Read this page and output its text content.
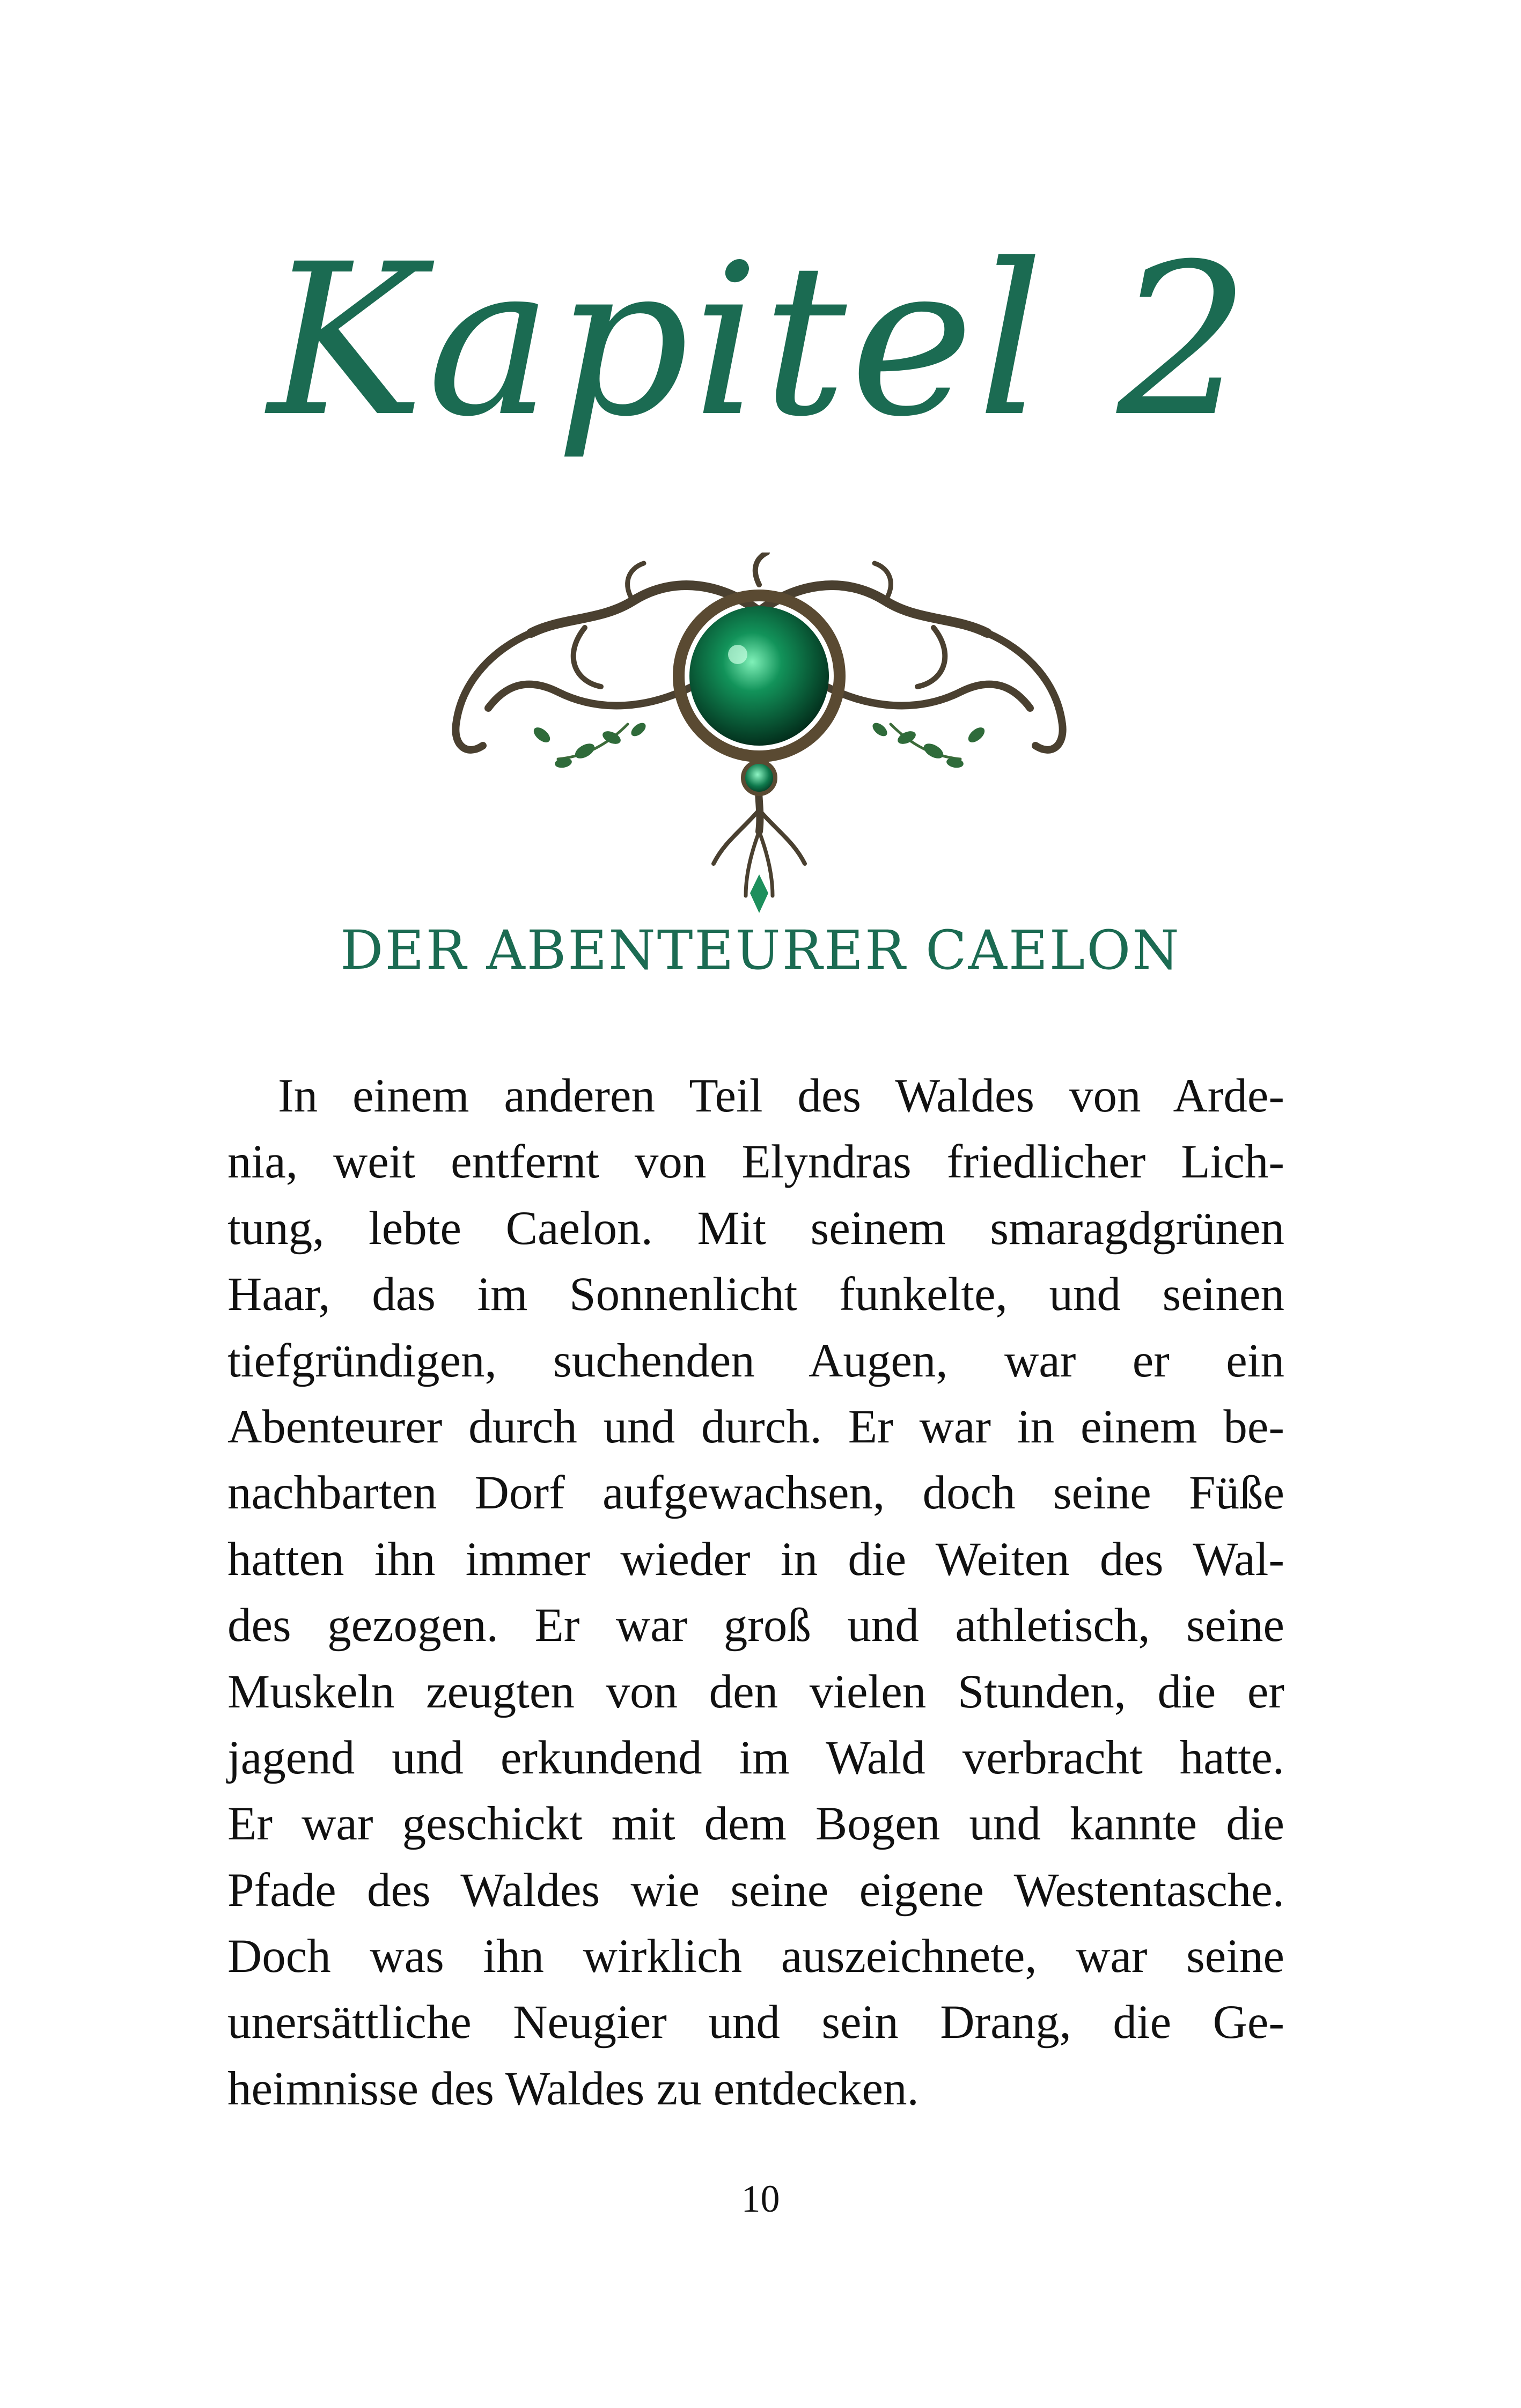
Kapitel 2
DER ABENTEURER CAELON
In einem anderen Teil des Waldes von Arde-
nia, weit entfernt von Elyndras friedlicher Lich-
tung, lebte Caelon. Mit seinem smaragdgrünen
Haar, das im Sonnenlicht funkelte, und seinen
tiefgründigen, suchenden Augen, war er ein
Abenteurer durch und durch. Er war in einem be-
nachbarten Dorf aufgewachsen, doch seine Füße
hatten ihn immer wieder in die Weiten des Wal-
des gezogen. Er war groß und athletisch, seine
Muskeln zeugten von den vielen Stunden, die er
jagend und erkundend im Wald verbracht hatte.
Er war geschickt mit dem Bogen und kannte die
Pfade des Waldes wie seine eigene Westentasche.
Doch was ihn wirklich auszeichnete, war seine
unersättliche Neugier und sein Drang, die Ge-
heimnisse des Waldes zu entdecken.
10
